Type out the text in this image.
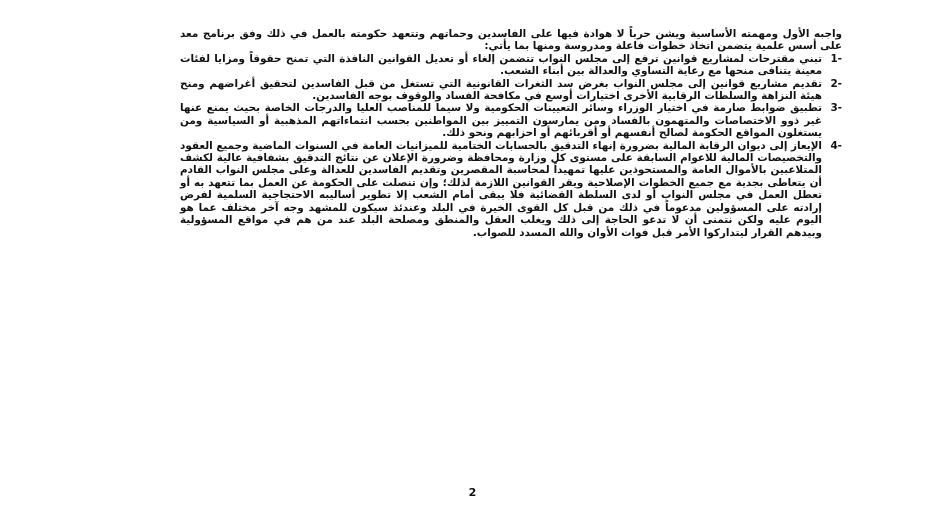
واجبه الأول ومهمته الأساسية ويشن حرباً لا هوادة فيها على الفاسدين وحماتهم وتتعهد حكومته بالعمل في ذلك وفق برنامج معد على أسس علمية يتضمن اتخاذ خطوات فاعلة ومدروسة ومنها بما يأتي:

1-
تبني مقترحات لمشاريع قوانين ترفع إلى مجلس النواب تتضمن إلغاء أو تعديل القوانين النافذة التي تمنح حقوقاً ومزايا لفئات معينة يتنافى منحها مع رعاية التساوي والعدالة بين أبناء الشعب.
2-
تقديم مشاريع قوانين إلى مجلس النواب بغرض سد الثغرات القانونية التي تستغل من قبل الفاسدين لتحقيق أغراضهم ومنح هيئة النزاهة والسلطات الرقابية الأخرى اختيارات أوسع في مكافحة الفساد والوقوف بوجه الفاسدين.
3-
تطبيق ضوابط صارمة في اختيار الوزراء وسائر التعيينات الحكومية ولا سيما للمناصب العليا والدرجات الخاصة بحيث يمنع عنها غير ذوو الاختصاصات والمتهمون بالفساد ومن يمارسون التمييز بين المواطنين بحسب انتماءاتهم المذهبية أو السياسية ومن يستغلون المواقع الحكومة لصالح أنفسهم أو أقربائهم أو احزابهم ونحو ذلك.
4-
الإيعاز إلى ديوان الرقابة المالية بضرورة إنهاء التدقيق بالحسابات الختامية للميزانيات العامة في السنوات الماضية وجميع العقود والتخصيصات المالية للاعوام السابقة على مستوى كل وزارة ومحافظة وضرورة الإعلان عن نتائج التدقيق بشفافية عالية لكشف المتلاعبين بالأموال العامة والمستحوذين عليها تمهيداً لمحاسبة المقصرين وتقديم الفاسدين للعدالة وعلى مجلس النواب القادم أن يتعاطى بجدية مع جميع الخطوات الإصلاحية ويقر القوانين اللازمة لذلك؛ وإن تنصلت على الحكومة عن العمل بما تتعهد به أو تعطل العمل في مجلس النواب أو لدى السلطة القضائية فلا يبقى أمام الشعب إلا تطوير أساليبه الاحتجاجية السلمية لفرض إرادته على المسؤولين مدعوماً في ذلك من قبل كل القوى الخيرة في البلد وعندئذ سيكون للمشهد وجه آخر مختلف عما هو اليوم عليه ولكن نتمنى أن لا تدعو الحاجة إلى ذلك ويغلب العقل والمنطق ومصلحة البلد عند من هم في مواقع المسؤولية وبيدهم القرار ليتداركوا الأمر قبل فوات الأوان والله المسدد للصواب.
2
